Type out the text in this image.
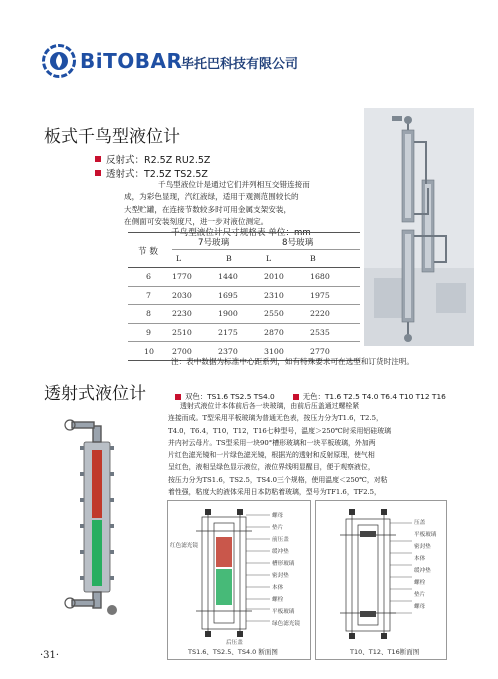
BiTOBAR
毕托巴科技有限公司
板式千鸟型液位计
反射式：R2.5Z RU2.5Z
透射式：T2.5Z TS2.5Z
千鸟型液位计是通过它们并列相互交错连接而
成，为彩色显现，汽红液绿，适用于观测范围较长的
大型贮罐，在连接节数较多时可用金属支架安装，
在侧面可安装刻度尺，进一步对液位测定。
千鸟型液位计尺寸规格表 单位：mm
节 数
7号玻璃	8号玻璃
L	B	L	B
6	1770	1440	2010	1680
7	2030	1695	2310	1975
8	2230	1900	2550	2220
9	2510	2175	2870	2535
10	2700	2370	3100	2770
注：表中数据为标准中心距系列，如有特殊要求可在选型和订货时注明。
透射式液位计	双色：TS1.6 TS2.5 TS4.0	无色：T1.6 T2.5 T4.0 T6.4 T10 T12 T16
透射式液位计本体前后各一块玻璃，由前后压盖通过螺栓紧
连接而成。T型采用平板玻璃为普通无色表，按压力分为T1.6，T2.5，
T4.0，T6.4，T10，T12，T16七种型号，温度＞250℃时采用铝硅玻璃
并内衬云母片。TS型采用一块90°槽形玻璃和一块平板玻璃，外加两
片红色滤光镜和一片绿色滤光镜，根据光的透射和反射原理，使气相
呈红色，液相呈绿色显示液位，液位界线明显醒目，便于观察液位，
按压力分为TS1.6，TS2.5，TS4.0三个规格，使用温度＜250℃，对粘
着性强，粘度大的液体采用日本防粘着玻璃，型号为TF1.6，TF2.5，
螺母
垫片
前压盖
缓冲垫
槽形玻璃
密封垫
本体
螺栓
平板玻璃
绿色滤光镜
红色滤光镜
后压盖
TS1.6、TS2.5、TS4.0 断面图
压盖
平板玻璃
密封垫
本体
缓冲垫
螺栓
垫片
螺母
T10、T12、T16断面图
·31·
